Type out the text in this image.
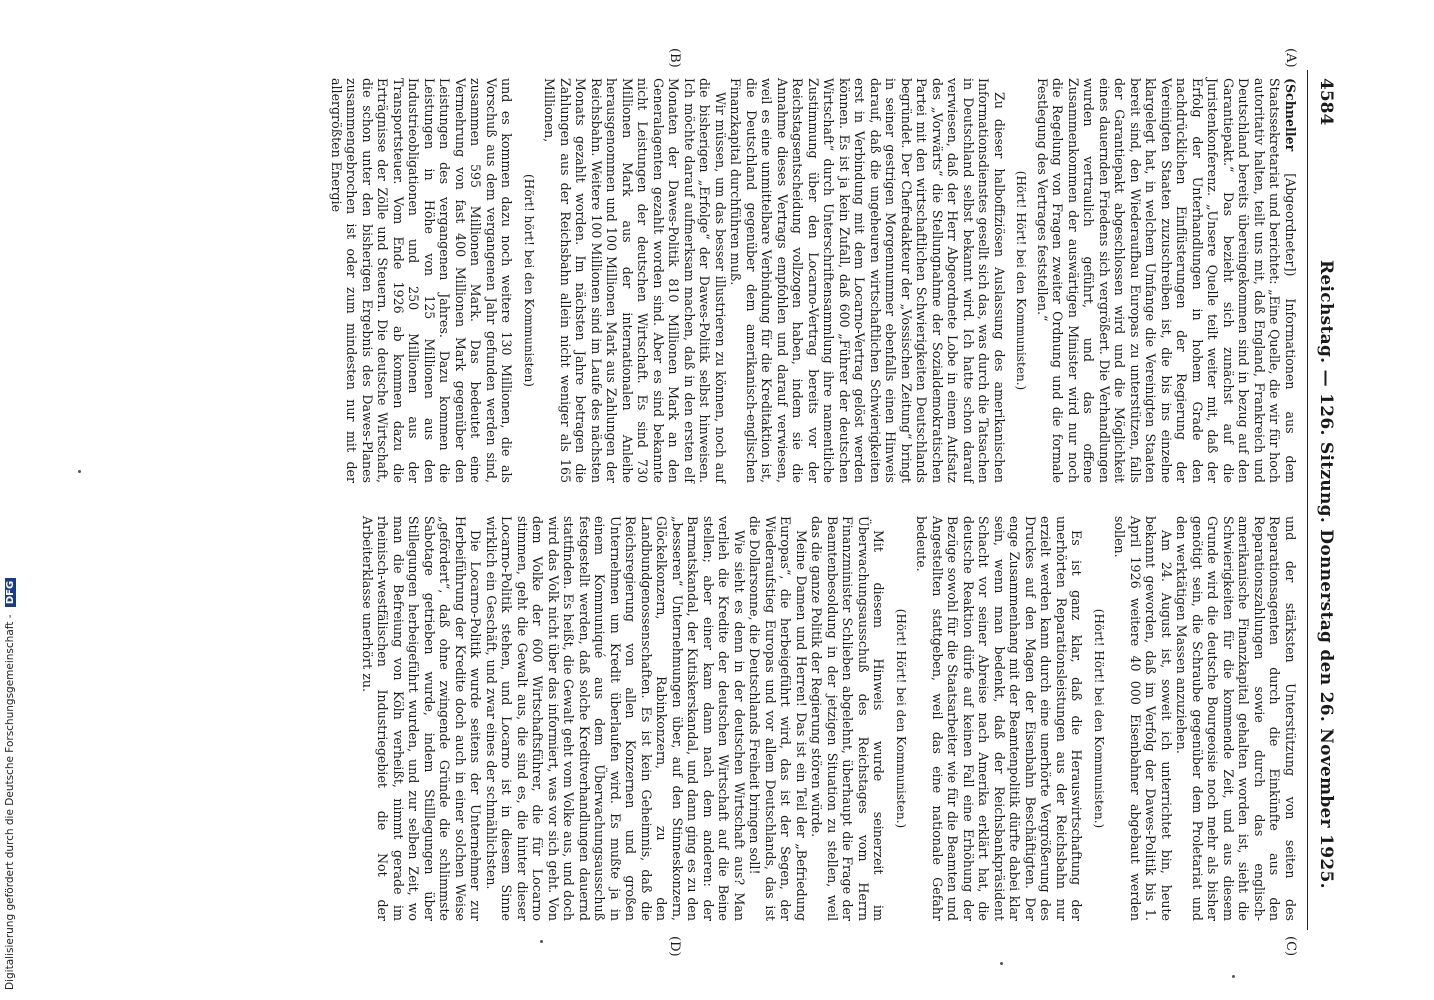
4584
Reichstag. — 126. Sitzung. Donnerstag den 26. November 1925.
(A)
(B)
(C)
(D)

(Schneller [Abgeordneter]) Informationen aus dem Staatssekretariat und berichtet: „Eine Quelle, die wir für hoch autoritativ halten, teilt uns mit, daß England, Frankreich und Deutschland bereits übereingekommen sind in bezug auf den Garantiepakt.“ Das bezieht sich zunächst auf die Juristenkonferenz. „Unsere Quelle teilt weiter mit, daß der Erfolg der Unterhandlungen in hohem Grade den nachdrücklichen Einflüsterungen der Regierung der Vereinigten Staaten zuzuschreiben ist, die bis ins einzelne klargelegt hat, in welchem Umfange die Vereinigten Staaten bereit sind, den Wiederaufbau Europas zu unterstützen, falls der Garantiepakt abgeschlossen wird und die Möglichkeit eines dauernden Friedens sich vergrößert. Die Verhandlungen wurden vertraulich geführt, und das offene Zusammenkommen der auswärtigen Minister wird nur noch die Regelung von Fragen zweiter Ordnung und die formale Festlegung des Vertrages feststellen.“

(Hört! Hört! bei den Kommunisten.)

Zu dieser halboffiziösen Auslassung des amerikanischen Informationsdienstes gesellt sich das, was durch die Tatsachen in Deutschland selbst bekannt wird. Ich hatte schon darauf verwiesen, daß der Herr Abgeordnete Lobe in einem Aufsatz des „Vorwärts“ die Stellungnahme der Sozialdemokratischen Partei mit den wirtschaftlichen Schwierigkeiten Deutschlands begründet. Der Chefredakteur der „Vossischen Zeitung“ bringt in seiner gestrigen Morgennummer ebenfalls einen Hinweis darauf, daß die ungeheuren wirtschaftlichen Schwierigkeiten erst in Verbindung mit dem Locarno-Vertrag gelöst werden können. Es ist ja kein Zufall, daß 600 „Führer der deutschen Wirtschaft“ durch Unterschriftensammlung ihre namentliche Zustimmung über den Locarno-Vertrag bereits vor der Reichstagsentscheidung vollzogen haben, indem sie die Annahme dieses Vertrags empfohlen und darauf verwiesen, weil es eine unmittelbare Verbindung für die Kreditaktion ist, die Deutschland gegenüber dem amerikanisch-englischen Finanzkapital durchführen muß.

Wir müssen, um das besser illustrieren zu können, noch auf die bisherigen „Erfolge“ der Dawes-Politik selbst hinweisen. Ich möchte darauf aufmerksam machen, daß in den ersten elf Monaten der Dawes-Politik 810 Millionen Mark an den Generalagenten gezahlt worden sind. Aber es sind bekannte nicht Leistungen der deutschen Wirtschaft. Es sind 730 Millionen Mark aus der internationalen Anleihe herausgenommen und 100 Millionen Mark aus Zahlungen der Reichsbahn. Weitere 100 Millionen sind im Laufe des nächsten Monats gezahlt worden. Im nächsten Jahre betragen die Zahlungen aus der Reichsbahn allein nicht weniger als 165 Millionen,

(Hört! hört! bei den Kommunisten)

und es kommen dazu noch weitere 130 Millionen, die als Vorschuß aus dem vergangenen Jahr gefunden werden sind, zusammen 595 Millionen Mark. Das bedeutet eine Vermehrung von fast 400 Millionen Mark gegenüber den Leistungen des vergangenen Jahres. Dazu kommen die Leistungen in Höhe von 125 Millionen aus den Industrieobligationen und 250 Millionen aus der Transportsteuer. Vom Ende 1926 ab kommen dazu die Erträgnisse der Zölle und Steuern. Die deutsche Wirtschaft, die schon unter den bisherigen Ergebnis des Dawes-Planes zusammengebrochen ist oder zum mindesten nur mit der allergrößten Energie

und der stärksten Unterstützung von seiten des Reparationsagenten durch die Einkünfte aus den Reparationszahlungen sowie durch das englisch-amerikanische Finanzkapital gehalten worden ist, sieht die Schwierigkeiten für die kommende Zeit, und aus diesem Grunde wird die deutsche Bourgeoisie noch mehr als bisher genötigt sein, die Schraube gegenüber dem Proletariat und den werktätigen Massen anzuziehen.

Am 24. August ist, soweit ich unterrichtet bin, heute bekannt geworden, daß im Verfolg der Dawes-Politik bis 1. April 1926 weitere 40 000 Eisenbahner abgebaut werden sollen.

(Hört! Hört! bei den Kommunisten.)

Es ist ganz klar, daß die Herauswirtschaftung der unerhörten Reparationsleistungen aus der Reichsbahn nur erzielt werden kann durch eine unerhörte Vergrößerung des Druckes auf den Magen der Eisenbahn Beschäftigten. Der enge Zusammenhang mit der Beamtenpolitik dürfte dabei klar sein, wenn man bedenkt, daß der Reichsbankpräsident Schacht vor seiner Abreise nach Amerika erklärt hat, die deutsche Reaktion dürfe auf keinen Fall eine Erhöhung der Bezüge sowohl für die Staatsarbeiter wie für die Beamten und Angestellten stattgeben, weil das eine nationale Gefahr bedeute.

(Hört! Hört! bei den Kommunisten.)

Mit diesem Hinweis wurde seinerzeit im Überwachungsausschuß des Reichstages vom Herrn Finanzminister Schlieben abgelehnt, überhaupt die Frage der Beamtenbesoldung in der jetzigen Situation zu stellen, weil das die ganze Politik der Regierung stören würde.

Meine Damen und Herren! Das ist ein Teil der „Befriedung Europas“, die herbeigeführt wird, das ist der Segen, der Wiederaufstieg Europas und vor allem Deutschlands, das ist die Dollarsonne, die Deutschlands Freiheit bringen soll!

Wie sieht es denn in der deutschen Wirtschaft aus? Man verlieh die Kredite der deutschen Wirtschaft auf die Beine stellen; aber einer kam dann nach dem anderen: der Barmatskandal, der Kutiskerskandal, und dann ging es zu den „besseren“ Unternehmungen über, auf den Stinneskonzern, Glöckelkonzern, Rabinkonzern, zu den Landbundgenossenschaften. Es ist kein Geheimnis, daß die Reichsregierung von allen Konzernen und großen Unternehmen um Kredit überlaufen wird. Es mußte ja in einem Kommuniqué aus dem Überwachungsausschuß festgestellt werden, daß solche Kreditverhandlungen dauernd stattfinden. Es heißt, die Gewalt geht vom Volke aus, und doch wird das Volk nicht über das informiert, was vor sich geht. Von dem Volke der 600 Wirtschaftsführer, die für Locarno stimmen, geht die Gewalt aus, die sind es, die hinter dieser Locarno-Politik stehen, und Locarno ist in diesem Sinne wirklich ein Geschäft, und zwar eines der schmählichsten.

Die Locarno-Politik wurde seitens der Unternehmer zur Herbeiführung der Kredite doch auch in einer solchen Weise „gefördert“, daß ohne zwingende Gründe die schlimmste Sabotage getrieben wurde, indem Stilllegungen über Stillegungen herbeigeführt wurden, und zur selben Zeit, wo man die Befreiung von Köln verheißt, nimmt gerade im rheinisch-westfälischen Industriegebiet die Not der Arbeiterklasse unerhört zu.

Digitalisierung gefördert durch die Deutsche Forschungsgemeinschaft - DFG
